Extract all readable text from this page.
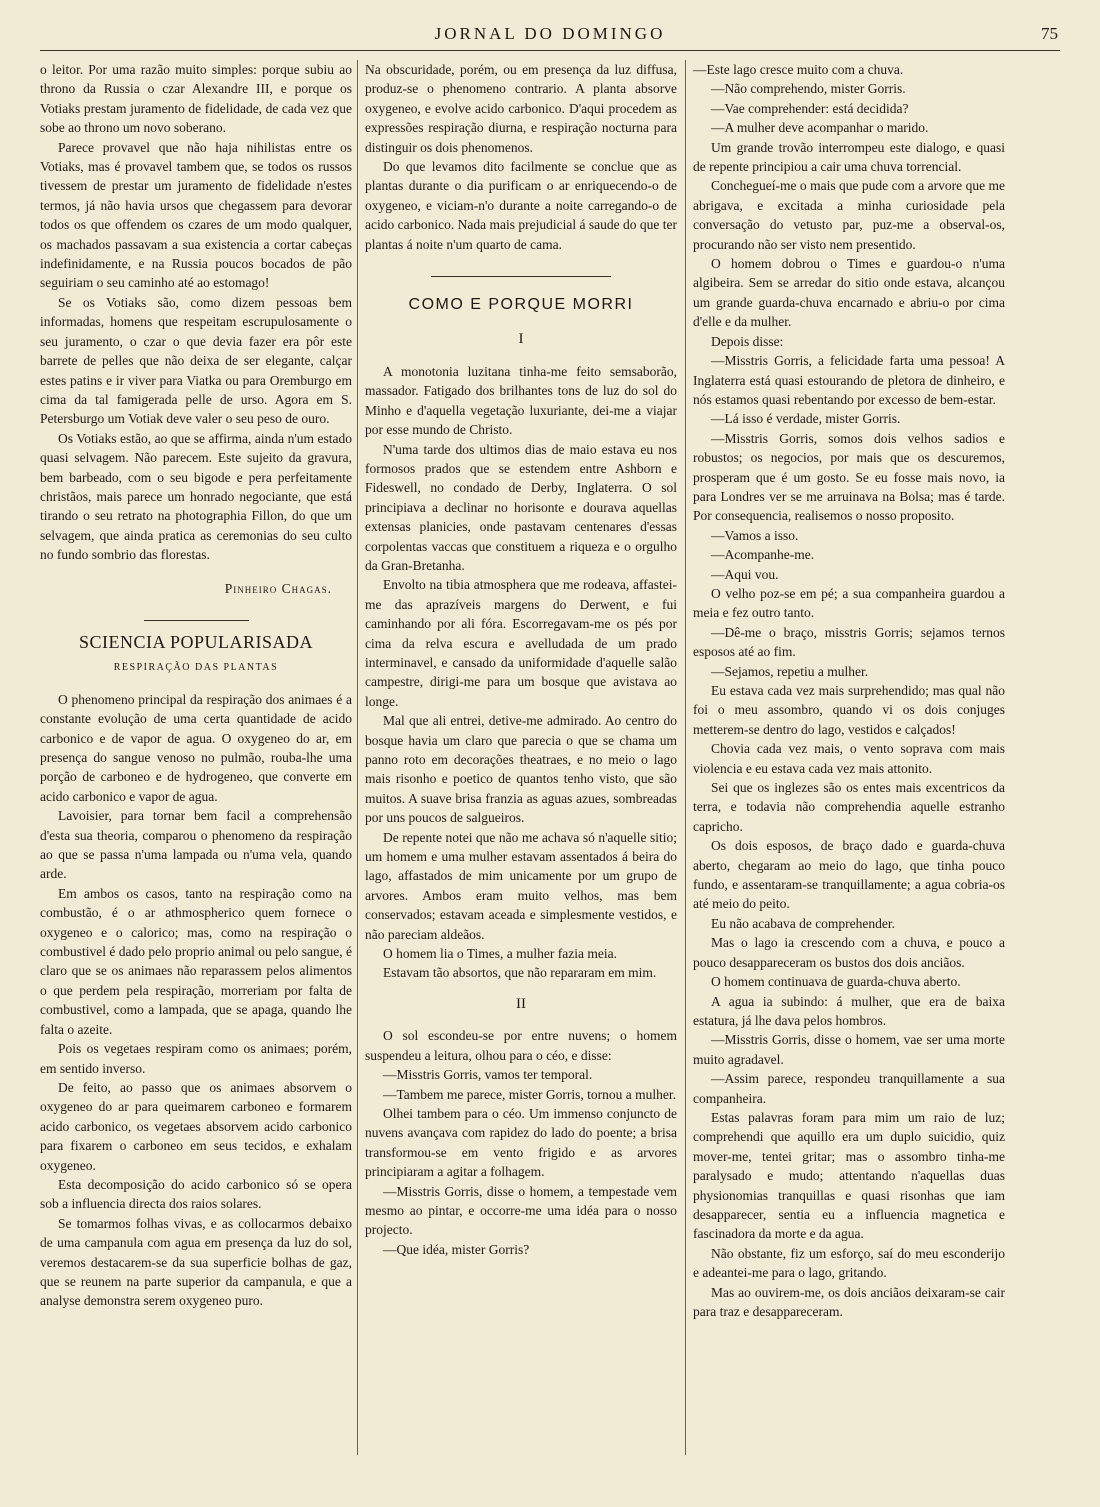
JORNAL DO DOMINGO	75

o leitor. Por uma razão muito simples: porque subiu ao throno da Russia o czar Alexandre III, e porque os Votiaks prestam juramento de fidelidade, de cada vez que sobe ao throno um novo soberano.

Parece provavel que não haja nihilistas entre os Votiaks, mas é provavel tambem que, se todos os russos tivessem de prestar um juramento de fidelidade n'estes termos, já não havia ursos que chegassem para devorar todos os que offendem os czares de um modo qualquer, os machados passavam a sua existencia a cortar cabeças indefinidamente, e na Russia poucos bocados de pão seguiriam o seu caminho até ao estomago!

Se os Votiaks são, como dizem pessoas bem informadas, homens que respeitam escrupulosamente o seu juramento, o czar o que devia fazer era pôr este barrete de pelles que não deixa de ser elegante, calçar estes patins e ir viver para Viatka ou para Oremburgo em cima da tal famigerada pelle de urso. Agora em S. Petersburgo um Votiak deve valer o seu peso de ouro.

Os Votiaks estão, ao que se affirma, ainda n'um estado quasi selvagem. Não parecem. Este sujeito da gravura, bem barbeado, com o seu bigode e pera perfeitamente christãos, mais parece um honrado negociante, que está tirando o seu retrato na photographia Fillon, do que um selvagem, que ainda pratica as ceremonias do seu culto no fundo sombrio das florestas.

Pinheiro Chagas.
SCIENCIA POPULARISADA
RESPIRAÇÃO DAS PLANTAS

O phenomeno principal da respiração dos animaes é a constante evolução de uma certa quantidade de acido carbonico e de vapor de agua. O oxygeneo do ar, em presença do sangue venoso no pulmão, rouba-lhe uma porção de carboneo e de hydrogeneo, que converte em acido carbonico e vapor de agua.

Lavoisier, para tornar bem facil a comprehensão d'esta sua theoria, comparou o phenomeno da respiração ao que se passa n'uma lampada ou n'uma vela, quando arde.

Em ambos os casos, tanto na respiração como na combustão, é o ar athmospherico quem fornece o oxygeneo e o calorico; mas, como na respiração o combustivel é dado pelo proprio animal ou pelo sangue, é claro que se os animaes não reparassem pelos alimentos o que perdem pela respiração, morreriam por falta de combustivel, como a lampada, que se apaga, quando lhe falta o azeite.

Pois os vegetaes respiram como os animaes; porém, em sentido inverso.

De feito, ao passo que os animaes absorvem o oxygeneo do ar para queimarem carboneo e formarem acido carbonico, os vegetaes absorvem acido carbonico para fixarem o carboneo em seus tecidos, e exhalam oxygeneo.

Esta decomposição do acido carbonico só se opera sob a influencia directa dos raios solares.

Se tomarmos folhas vivas, e as collocarmos debaixo de uma campanula com agua em presença da luz do sol, veremos destacarem-se da sua superficie bolhas de gaz, que se reunem na parte superior da campanula, e que a analyse demonstra serem oxygeneo puro.

Na obscuridade, porém, ou em presença da luz diffusa, produz-se o phenomeno contrario. A planta absorve oxygeneo, e evolve acido carbonico. D'aqui procedem as expressões respiração diurna, e respiração nocturna para distinguir os dois phenomenos.

Do que levamos dito facilmente se conclue que as plantas durante o dia purificam o ar enriquecendo-o de oxygeneo, e viciam-n'o durante a noite carregando-o de acido carbonico. Nada mais prejudicial á saude do que ter plantas á noite n'um quarto de cama.

COMO E PORQUE MORRI
I

A monotonia luzitana tinha-me feito semsaborão, massador. Fatigado dos brilhantes tons de luz do sol do Minho e d'aquella vegetação luxuriante, dei-me a viajar por esse mundo de Christo.

N'uma tarde dos ultimos dias de maio estava eu nos formosos prados que se estendem entre Ashborn e Fideswell, no condado de Derby, Inglaterra. O sol principiava a declinar no horisonte e dourava aquellas extensas planicies, onde pastavam centenares d'essas corpolentas vaccas que constituem a riqueza e o orgulho da Gran-Bretanha.

Envolto na tibia atmosphera que me rodeava, affastei-me das aprazíveis margens do Derwent, e fui caminhando por ali fóra. Escorregavam-me os pés por cima da relva escura e avelludada de um prado interminavel, e cansado da uniformidade d'aquelle salão campestre, dirigi-me para um bosque que avistava ao longe.

Mal que ali entrei, detive-me admirado. Ao centro do bosque havia um claro que parecia o que se chama um panno roto em decorações theatraes, e no meio o lago mais risonho e poetico de quantos tenho visto, que são muitos. A suave brisa franzia as aguas azues, sombreadas por uns poucos de salgueiros.

De repente notei que não me achava só n'aquelle sitio; um homem e uma mulher estavam assentados á beira do lago, affastados de mim unicamente por um grupo de arvores. Ambos eram muito velhos, mas bem conservados; estavam aceada e simplesmente vestidos, e não pareciam aldeãos.

O homem lia o Times, a mulher fazia meia.

Estavam tão absortos, que não repararam em mim.

II

O sol escondeu-se por entre nuvens; o homem suspendeu a leitura, olhou para o céo, e disse:

—Misstris Gorris, vamos ter temporal.

—Tambem me parece, mister Gorris, tornou a mulher.

Olhei tambem para o céo. Um immenso conjuncto de nuvens avançava com rapidez do lado do poente; a brisa transformou-se em vento frigido e as arvores principiaram a agitar a folhagem.

—Misstris Gorris, disse o homem, a tempestade vem mesmo ao pintar, e occorre-me uma idéa para o nosso projecto.

—Que idéa, mister Gorris?

—Este lago cresce muito com a chuva.

—Não comprehendo, mister Gorris.

—Vae comprehender: está decidida?

—A mulher deve acompanhar o marido.

Um grande trovão interrompeu este dialogo, e quasi de repente principiou a cair uma chuva torrencial.

Conchegueí-me o mais que pude com a arvore que me abrigava, e excitada a minha curiosidade pela conversação do vetusto par, puz-me a observal-os, procurando não ser visto nem presentido.

O homem dobrou o Times e guardou-o n'uma algibeira. Sem se arredar do sitio onde estava, alcançou um grande guarda-chuva encarnado e abriu-o por cima d'elle e da mulher.

Depois disse:

—Misstris Gorris, a felicidade farta uma pessoa! A Inglaterra está quasi estourando de pletora de dinheiro, e nós estamos quasi rebentando por excesso de bem-estar.

—Lá isso é verdade, mister Gorris.

—Misstris Gorris, somos dois velhos sadios e robustos; os negocios, por mais que os descuremos, prosperam que é um gosto. Se eu fosse mais novo, ia para Londres ver se me arruinava na Bolsa; mas é tarde. Por consequencia, realisemos o nosso proposito.

—Vamos a isso.

—Acompanhe-me.

—Aqui vou.

O velho poz-se em pé; a sua companheira guardou a meia e fez outro tanto.

—Dê-me o braço, misstris Gorris; sejamos ternos esposos até ao fim.

—Sejamos, repetiu a mulher.

Eu estava cada vez mais surprehendido; mas qual não foi o meu assombro, quando vi os dois conjuges metterem-se dentro do lago, vestidos e calçados!

Chovia cada vez mais, o vento soprava com mais violencia e eu estava cada vez mais attonito.

Sei que os inglezes são os entes mais excentricos da terra, e todavia não comprehendia aquelle estranho capricho.

Os dois esposos, de braço dado e guarda-chuva aberto, chegaram ao meio do lago, que tinha pouco fundo, e assentaram-se tranquillamente; a agua cobria-os até meio do peito.

Eu não acabava de comprehender.

Mas o lago ia crescendo com a chuva, e pouco a pouco desappareceram os bustos dos dois anciãos.

O homem continuava de guarda-chuva aberto.

A agua ia subindo: á mulher, que era de baixa estatura, já lhe dava pelos hombros.

—Misstris Gorris, disse o homem, vae ser uma morte muito agradavel.

—Assim parece, respondeu tranquillamente a sua companheira.

Estas palavras foram para mim um raio de luz; comprehendi que aquillo era um duplo suicidio, quiz mover-me, tentei gritar; mas o assombro tinha-me paralysado e mudo; attentando n'aquellas duas physionomias tranquillas e quasi risonhas que iam desapparecer, sentia eu a influencia magnetica e fascinadora da morte e da agua.

Não obstante, fiz um esforço, saí do meu esconderijo e adeantei-me para o lago, gritando.

Mas ao ouvirem-me, os dois anciãos deixaram-se cair para traz e desappareceram.
